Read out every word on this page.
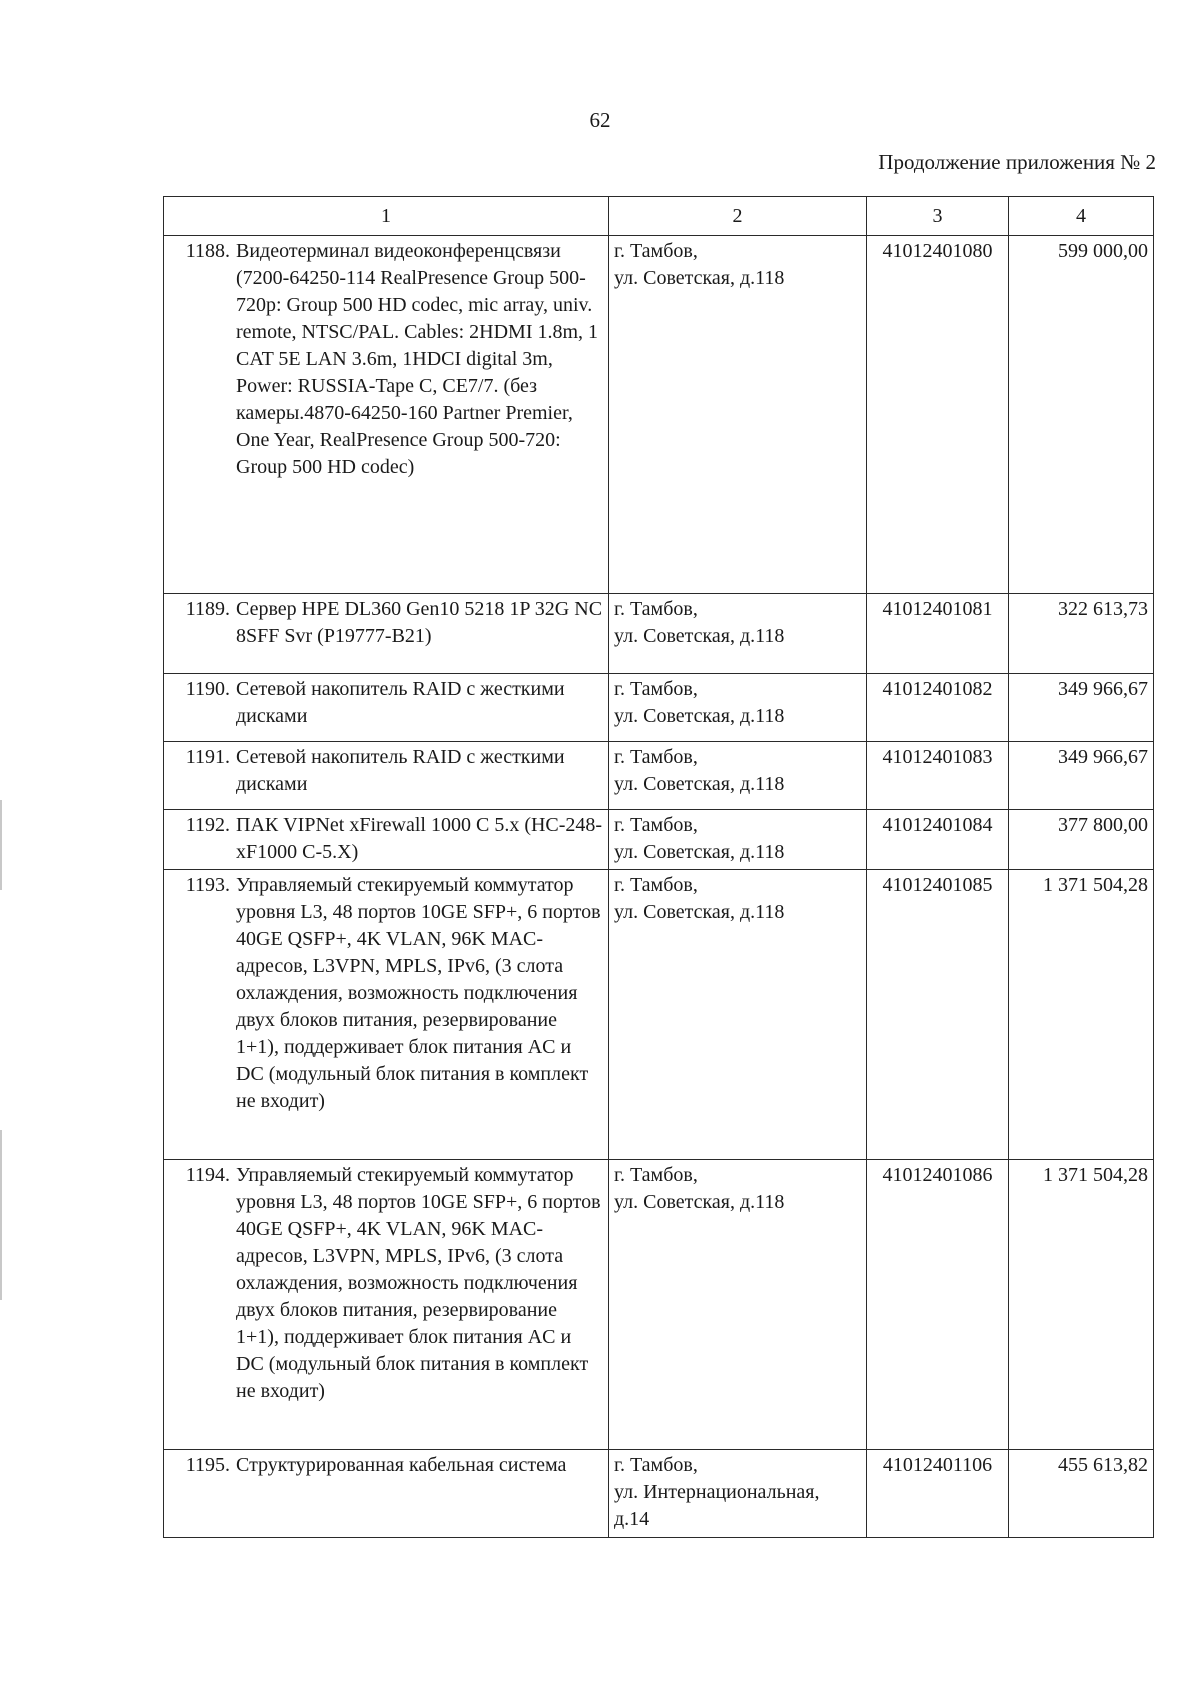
62
Продолжение приложения № 2
1	2	3	4

1188. Видеотерминал видеоконференцсвязи (7200-64250-114 RealPresence Group 500-720p: Group 500 HD codec, mic array, univ. remote, NTSC/PAL. Cables: 2HDMI 1.8m, 1 CAT 5E LAN 3.6m, 1HDCI digital 3m, Power: RUSSIA-Tape C, CE7/7. (без камеры.4870-64250-160 Partner Premier, One Year, RealPresence Group 500-720: Group 500 HD codec)	г. Тамбов,
ул. Советская, д.118	41012401080	599 000,00

1189. Сервер HPE DL360 Gen10 5218 1P 32G NC 8SFF Svr (P19777-B21)	г. Тамбов,
ул. Советская, д.118	41012401081	322 613,73

1190. Сетевой накопитель RAID с жесткими дисками	г. Тамбов,
ул. Советская, д.118	41012401082	349 966,67

1191. Сетевой накопитель RAID с жесткими дисками	г. Тамбов,
ул. Советская, д.118	41012401083	349 966,67

1192. ПАК VIPNet xFirewall 1000 С 5.x (HC-248-xF1000 C-5.X)	г. Тамбов,
ул. Советская, д.118	41012401084	377 800,00

1193. Управляемый стекируемый коммутатор уровня L3, 48 портов 10GE SFP+, 6 портов 40GE QSFP+, 4K VLAN, 96K MAC-адресов, L3VPN, MPLS, IPv6, (3 слота охлаждения, возможность подключения двух блоков питания, резервирование 1+1), поддерживает блок питания AC и DC (модульный блок питания в комплект не входит)	г. Тамбов,
ул. Советская, д.118	41012401085	1 371 504,28

1194. Управляемый стекируемый коммутатор уровня L3, 48 портов 10GE SFP+, 6 портов 40GE QSFP+, 4K VLAN, 96K MAC-адресов, L3VPN, MPLS, IPv6, (3 слота охлаждения, возможность подключения двух блоков питания, резервирование 1+1), поддерживает блок питания AC и DC (модульный блок питания в комплект не входит)	г. Тамбов,
ул. Советская, д.118	41012401086	1 371 504,28

1195. Структурированная кабельная система	г. Тамбов,
ул. Интернациональная,
д.14	41012401106	455 613,82
